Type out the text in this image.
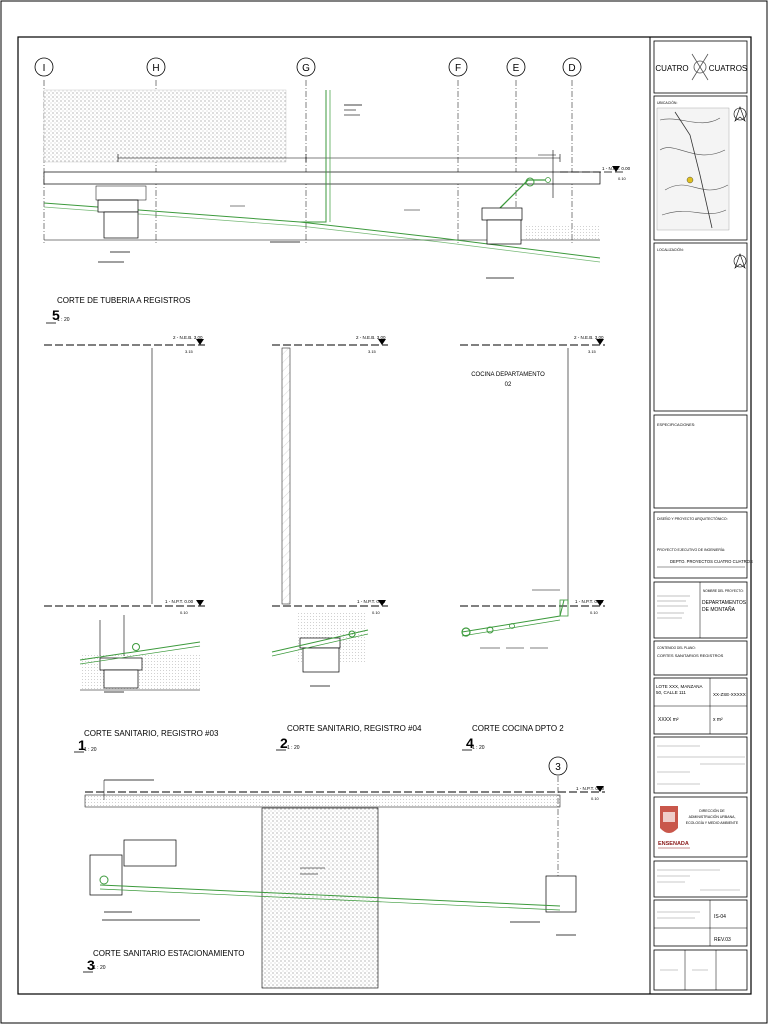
I	H	G	F	E	D
1 - N.P.T. 0.00
0.10
5
CORTE DE TUBERIA A REGISTROS
1 : 20
2 - N.E.B. 3.00
3.15
1 - N.P.T. 0.00
0.10
1
CORTE SANITARIO, REGISTRO #03
1 : 20
2 - N.E.B. 3.00
3.15
1 - N.P.T. 0.00
0.10
2
CORTE SANITARIO, REGISTRO #04
1 : 20
2 - N.E.B. 3.00
3.15
COCINA DEPARTAMENTO
02
1 - N.P.T. 0.00
0.10
4
CORTE COCINA DPTO 2
1 : 20
3
1 - N.P.T. 0.00
0.10
3
CORTE SANITARIO ESTACIONAMIENTO
1 : 20
CUATRO	CUATROS
UBICACIÓN:
LOCALIZACIÓN:
ESPECIFICACIONES:
DISEÑO Y PROYECTO ARQUITECTÓNICO:
PROYECTO EJECUTIVO DE INGENIERÍA:
DEPTO. PROYECTOS CUATRO CUATROS
NOMBRE DEL PROYECTO:
DEPARTAMENTOS DE MONTAÑA
CONTENIDO DEL PLANO:
CORTES SANITARIOS REGISTROS
LOTE XXX, MANZANA 50, CALLE 111	XX-ZSE-XXXXX
XXXX m²	x m²
ENSENADA
DIRECCIÓN DE
ADMINISTRACIÓN URBANA,
ECOLOGÍA Y MEDIO AMBIENTE
IS-04
REV.03
